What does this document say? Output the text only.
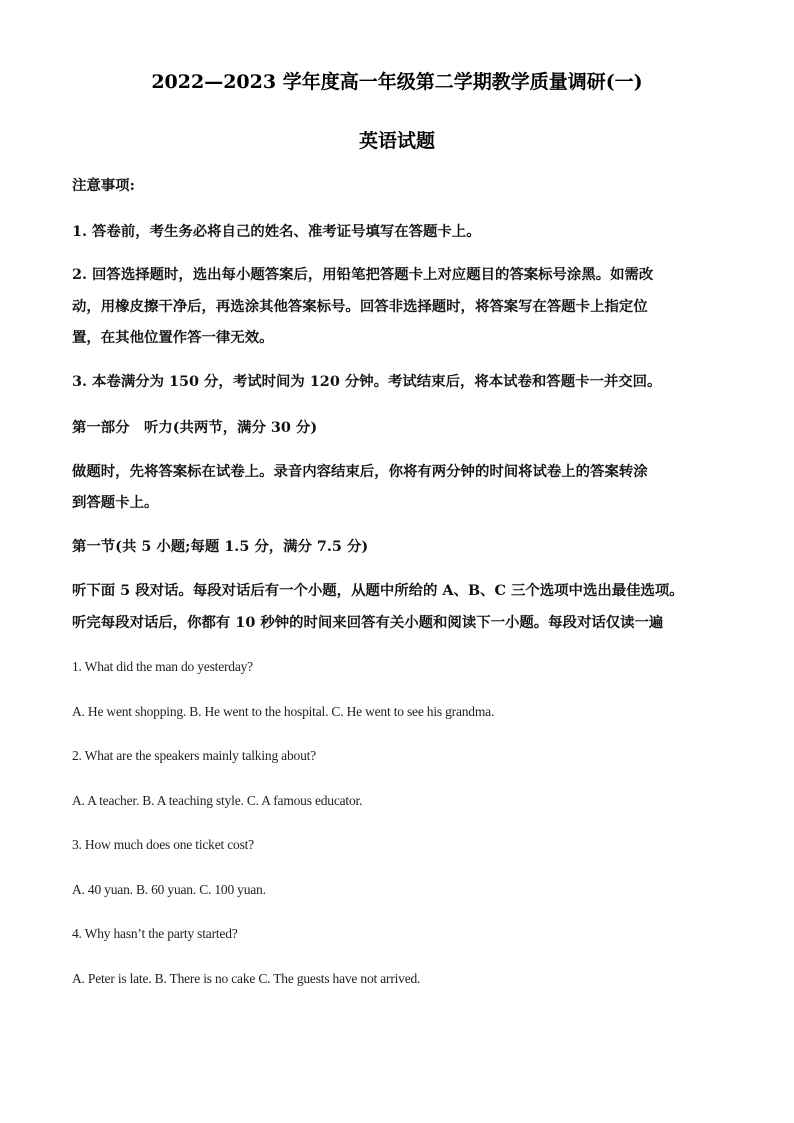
2022—2023 学年度高一年级第二学期教学质量调研(一)
英语试题
注意事项:
1. 答卷前，考生务必将自己的姓名、准考证号填写在答题卡上。
2. 回答选择题时，选出每小题答案后，用铅笔把答题卡上对应题目的答案标号涂黑。如需改
动，用橡皮擦干净后，再选涂其他答案标号。回答非选择题时，将答案写在答题卡上指定位
置，在其他位置作答一律无效。
3. 本卷满分为 150 分，考试时间为 120 分钟。考试结束后，将本试卷和答题卡一并交回。
第一部分　听力(共两节，满分 30 分)
做题时，先将答案标在试卷上。录音内容结束后，你将有两分钟的时间将试卷上的答案转涂
到答题卡上。
第一节(共 5 小题;每题 1.5 分，满分 7.5 分)
听下面 5 段对话。每段对话后有一个小题，从题中所给的 A、B、C 三个选项中选出最佳选项。
听完每段对话后，你都有 10 秒钟的时间来回答有关小题和阅读下一小题。每段对话仅读一遍
1. What did the man do yesterday?
A. He went shopping. B. He went to the hospital. C. He went to see his grandma.
2. What are the speakers mainly talking about?
A. A teacher. B. A teaching style. C. A famous educator.
3. How much does one ticket cost?
A. 40 yuan. B. 60 yuan. C. 100 yuan.
4. Why hasn’t the party started?
A. Peter is late. B. There is no cake C. The guests have not arrived.
